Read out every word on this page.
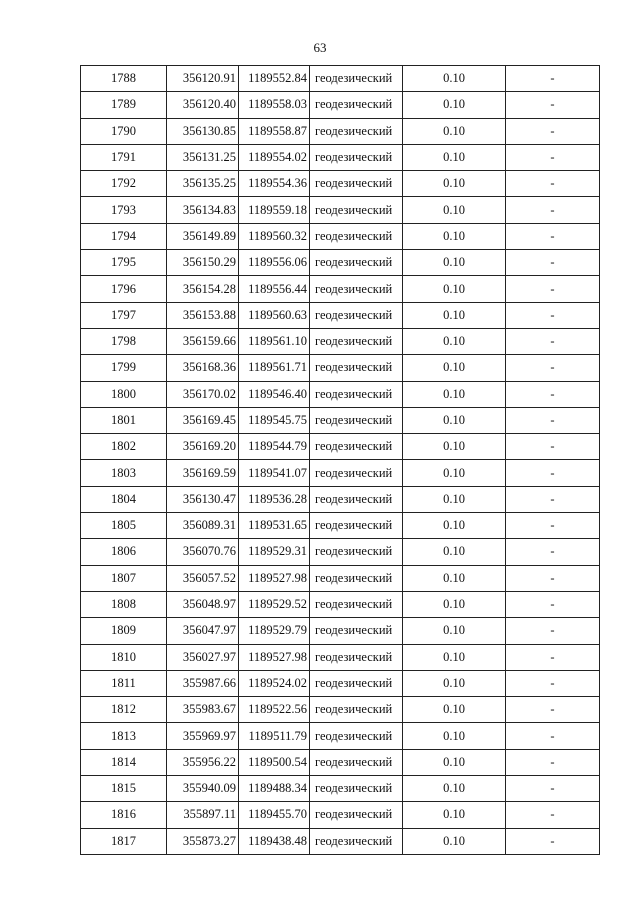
63
1788	356120.91	1189552.84	геодезический	0.10	-
1789	356120.40	1189558.03	геодезический	0.10	-
1790	356130.85	1189558.87	геодезический	0.10	-
1791	356131.25	1189554.02	геодезический	0.10	-
1792	356135.25	1189554.36	геодезический	0.10	-
1793	356134.83	1189559.18	геодезический	0.10	-
1794	356149.89	1189560.32	геодезический	0.10	-
1795	356150.29	1189556.06	геодезический	0.10	-
1796	356154.28	1189556.44	геодезический	0.10	-
1797	356153.88	1189560.63	геодезический	0.10	-
1798	356159.66	1189561.10	геодезический	0.10	-
1799	356168.36	1189561.71	геодезический	0.10	-
1800	356170.02	1189546.40	геодезический	0.10	-
1801	356169.45	1189545.75	геодезический	0.10	-
1802	356169.20	1189544.79	геодезический	0.10	-
1803	356169.59	1189541.07	геодезический	0.10	-
1804	356130.47	1189536.28	геодезический	0.10	-
1805	356089.31	1189531.65	геодезический	0.10	-
1806	356070.76	1189529.31	геодезический	0.10	-
1807	356057.52	1189527.98	геодезический	0.10	-
1808	356048.97	1189529.52	геодезический	0.10	-
1809	356047.97	1189529.79	геодезический	0.10	-
1810	356027.97	1189527.98	геодезический	0.10	-
1811	355987.66	1189524.02	геодезический	0.10	-
1812	355983.67	1189522.56	геодезический	0.10	-
1813	355969.97	1189511.79	геодезический	0.10	-
1814	355956.22	1189500.54	геодезический	0.10	-
1815	355940.09	1189488.34	геодезический	0.10	-
1816	355897.11	1189455.70	геодезический	0.10	-
1817	355873.27	1189438.48	геодезический	0.10	-
